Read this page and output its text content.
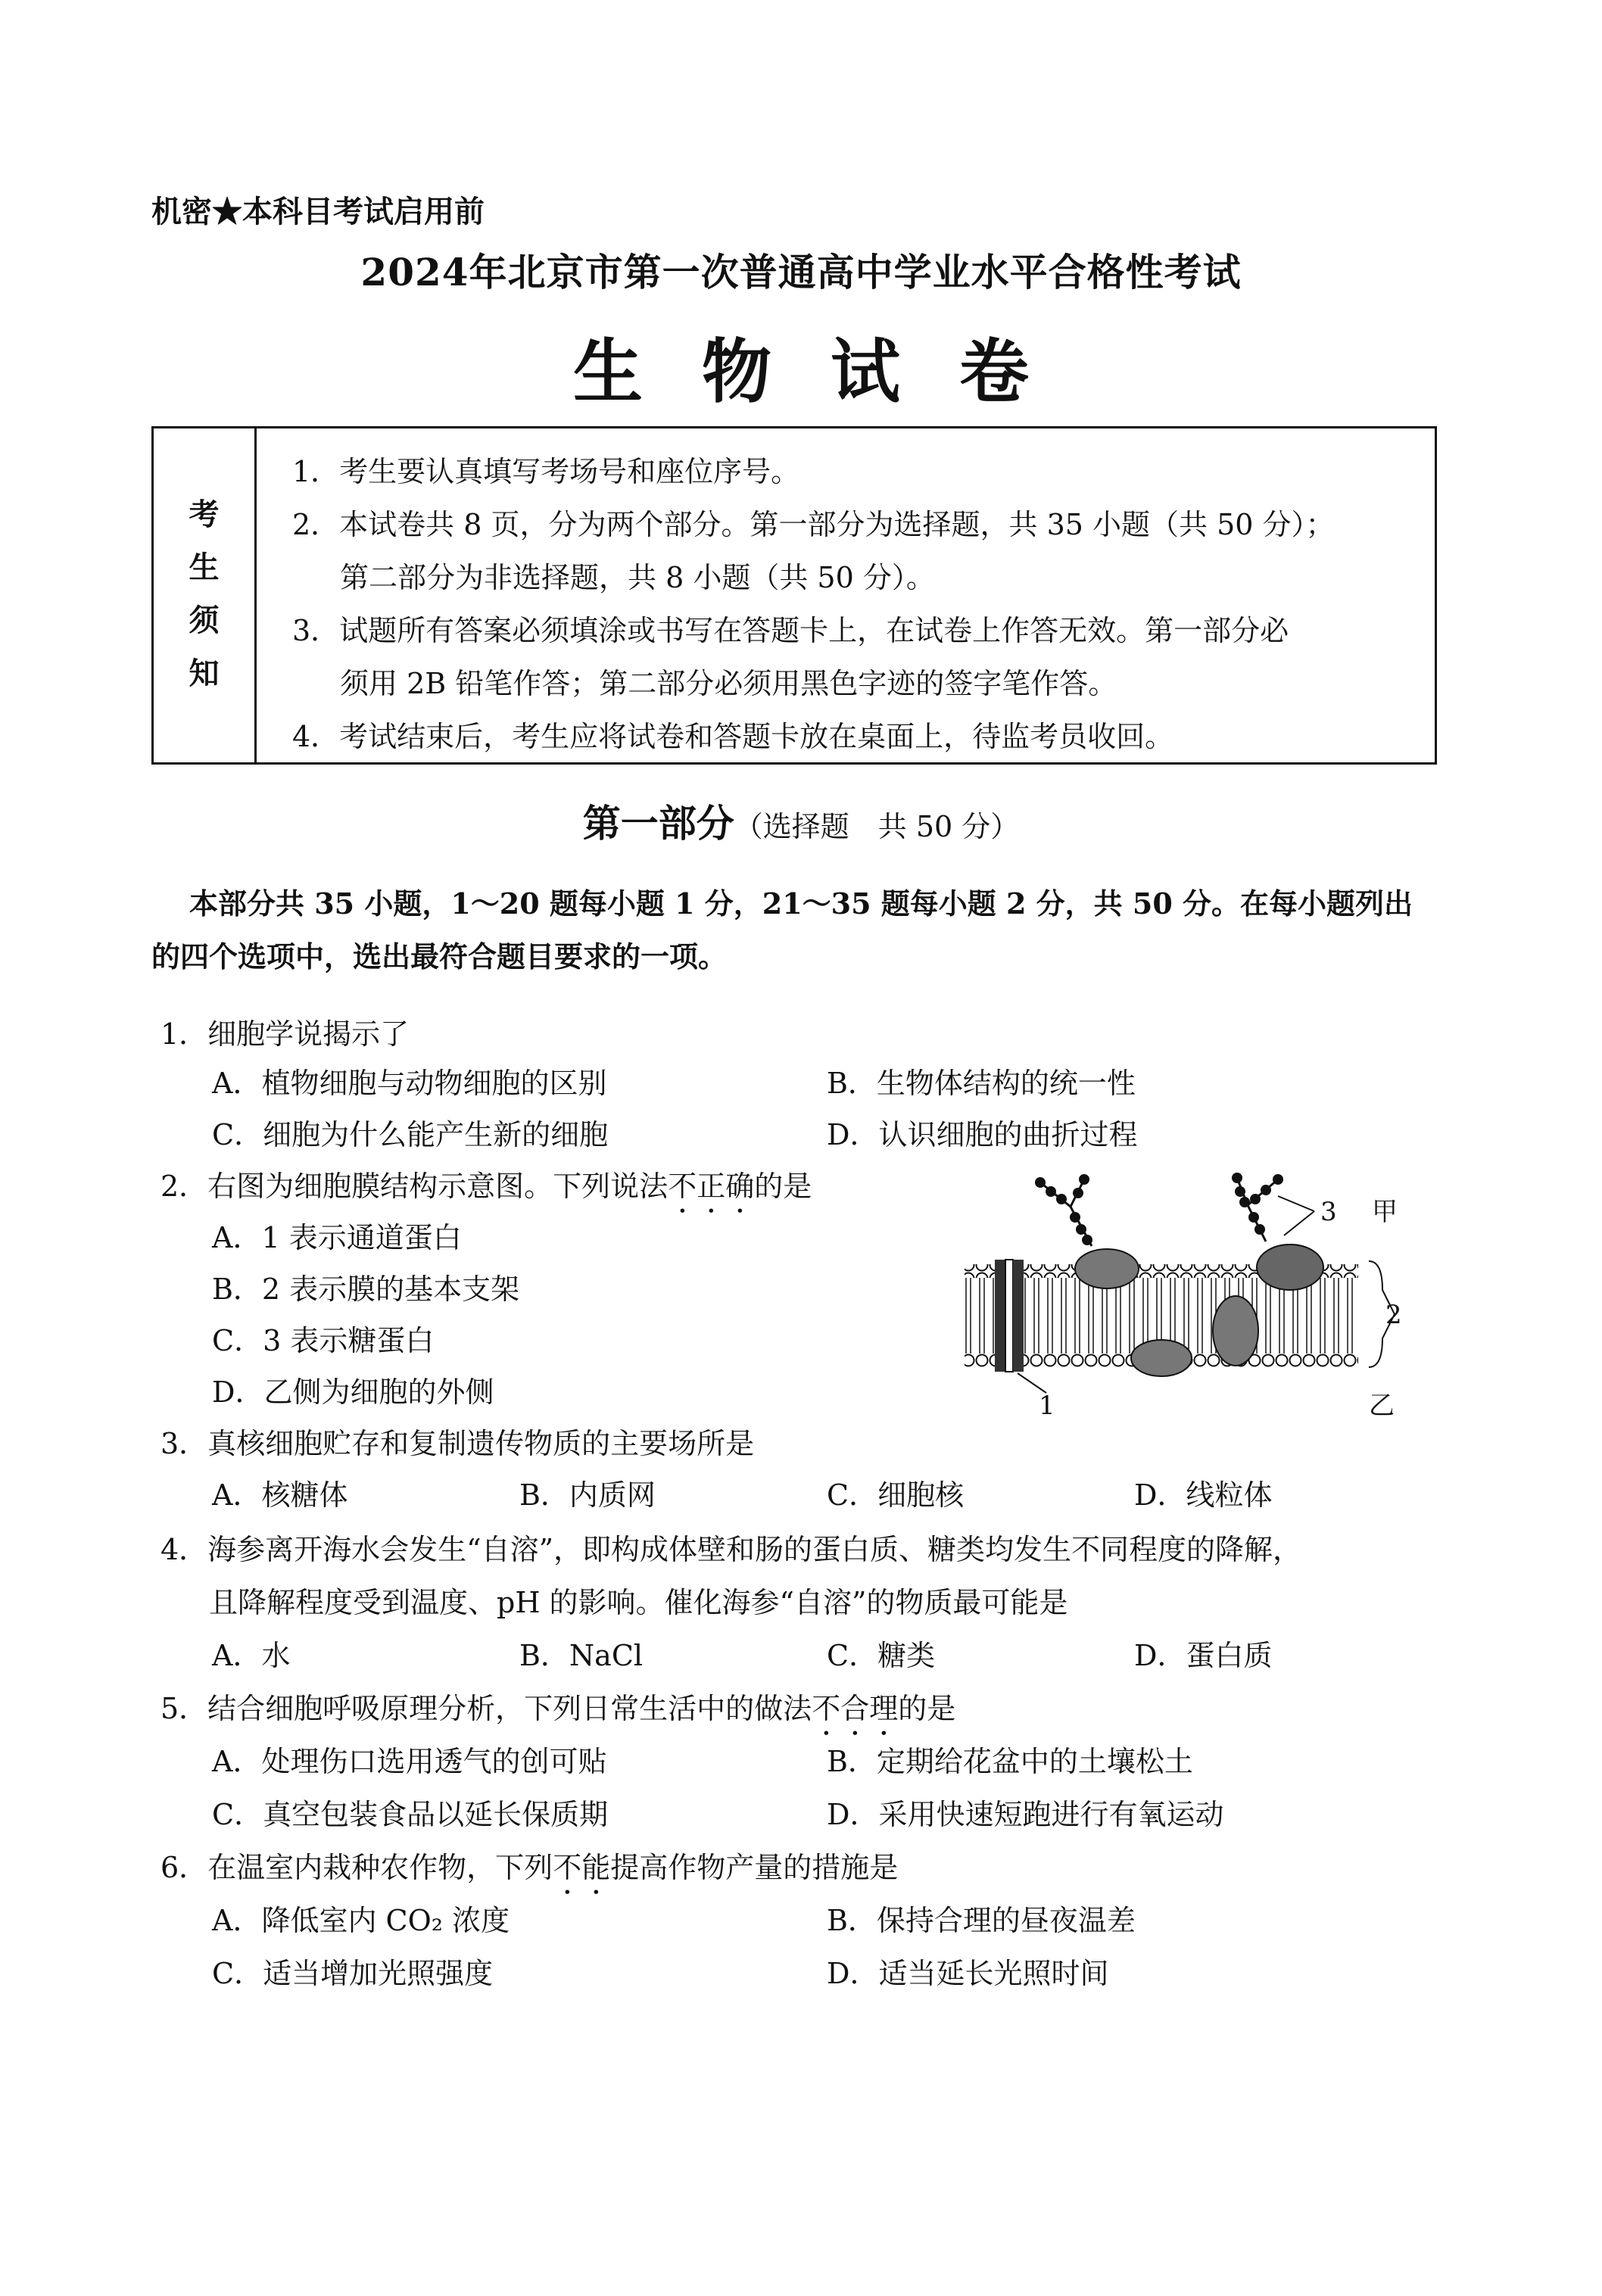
机密★本科目考试启用前
2024年北京市第一次普通高中学业水平合格性考试
生物试卷
考
生
须
知
1．考生要认真填写考场号和座位序号。
2．本试卷共 8 页，分为两个部分。第一部分为选择题，共 35 小题（共 50 分）；
第二部分为非选择题，共 8 小题（共 50 分）。
3．试题所有答案必须填涂或书写在答题卡上，在试卷上作答无效。第一部分必
须用 2B 铅笔作答；第二部分必须用黑色字迹的签字笔作答。
4．考试结束后，考生应将试卷和答题卡放在桌面上，待监考员收回。
第一部分（选择题　共 50 分）
本部分共 35 小题，1～20 题每小题 1 分，21～35 题每小题 2 分，共 50 分。在每小题列出
的四个选项中，选出最符合题目要求的一项。
1．细胞学说揭示了
A．植物细胞与动物细胞的区别	B．生物体结构的统一性
C．细胞为什么能产生新的细胞	D．认识细胞的曲折过程
2．右图为细胞膜结构示意图。下列说法不正确的是
A．1 表示通道蛋白
B．2 表示膜的基本支架
C．3 表示糖蛋白
D．乙侧为细胞的外侧
3 甲
2
1	乙
3．真核细胞贮存和复制遗传物质的主要场所是
A．核糖体	B．内质网	C．细胞核	D．线粒体
4．海参离开海水会发生“自溶”，即构成体壁和肠的蛋白质、糖类均发生不同程度的降解，
且降解程度受到温度、pH 的影响。催化海参“自溶”的物质最可能是
A．水	B．NaCl	C．糖类	D．蛋白质
5．结合细胞呼吸原理分析，下列日常生活中的做法不合理的是
A．处理伤口选用透气的创可贴	B．定期给花盆中的土壤松土
C．真空包装食品以延长保质期	D．采用快速短跑进行有氧运动
6．在温室内栽种农作物，下列不能提高作物产量的措施是
A．降低室内 CO₂ 浓度	B．保持合理的昼夜温差
C．适当增加光照强度	D．适当延长光照时间
